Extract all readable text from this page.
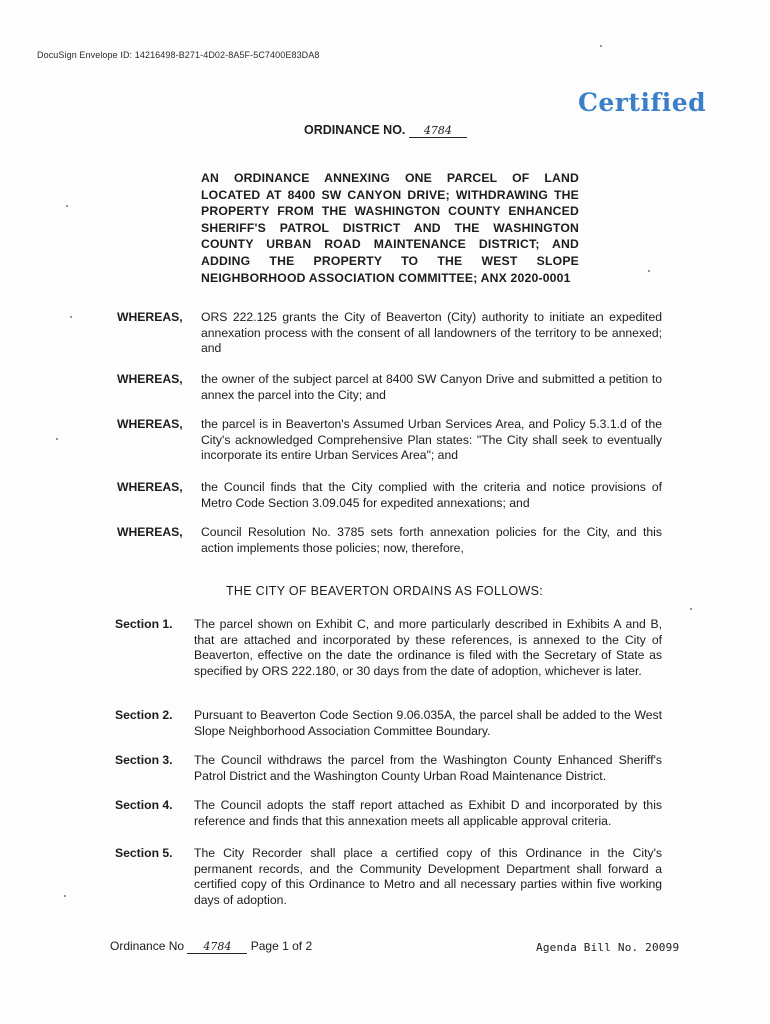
DocuSign Envelope ID: 14216498-B271-4D02-8A5F-5C7400E83DA8
Certified
ORDINANCE NO. 4784
AN ORDINANCE ANNEXING ONE PARCEL OF LAND
LOCATED AT 8400 SW CANYON DRIVE; WITHDRAWING THE
PROPERTY FROM THE WASHINGTON COUNTY ENHANCED
SHERIFF'S PATROL DISTRICT AND THE WASHINGTON
COUNTY URBAN ROAD MAINTENANCE DISTRICT; AND
ADDING THE PROPERTY TO THE WEST SLOPE
NEIGHBORHOOD ASSOCIATION COMMITTEE; ANX 2020-0001
WHEREAS, ORS 222.125 grants the City of Beaverton (City) authority to initiate an expedited annexation process with the consent of all landowners of the territory to be annexed; and
WHEREAS, the owner of the subject parcel at 8400 SW Canyon Drive and submitted a petition to annex the parcel into the City; and
WHEREAS, the parcel is in Beaverton's Assumed Urban Services Area, and Policy 5.3.1.d of the City's acknowledged Comprehensive Plan states: "The City shall seek to eventually incorporate its entire Urban Services Area"; and
WHEREAS, the Council finds that the City complied with the criteria and notice provisions of Metro Code Section 3.09.045 for expedited annexations; and
WHEREAS, Council Resolution No. 3785 sets forth annexation policies for the City, and this action implements those policies; now, therefore,
THE CITY OF BEAVERTON ORDAINS AS FOLLOWS:
Section 1. The parcel shown on Exhibit C, and more particularly described in Exhibits A and B, that are attached and incorporated by these references, is annexed to the City of Beaverton, effective on the date the ordinance is filed with the Secretary of State as specified by ORS 222.180, or 30 days from the date of adoption, whichever is later.
Section 2. Pursuant to Beaverton Code Section 9.06.035A, the parcel shall be added to the West Slope Neighborhood Association Committee Boundary.
Section 3. The Council withdraws the parcel from the Washington County Enhanced Sheriff's Patrol District and the Washington County Urban Road Maintenance District.
Section 4. The Council adopts the staff report attached as Exhibit D and incorporated by this reference and finds that this annexation meets all applicable approval criteria.
Section 5. The City Recorder shall place a certified copy of this Ordinance in the City's permanent records, and the Community Development Department shall forward a certified copy of this Ordinance to Metro and all necessary parties within five working days of adoption.
Ordinance No 4784 Page 1 of 2	Agenda Bill No. 20099
